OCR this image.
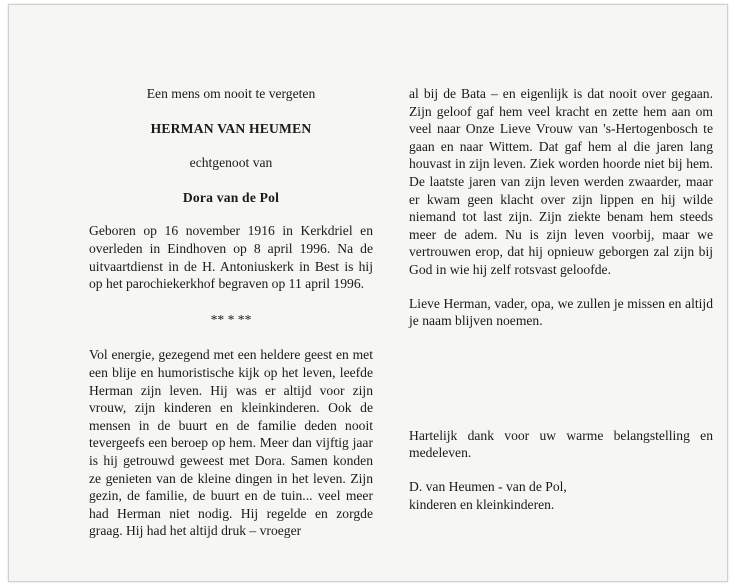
Een mens om nooit te vergeten

HERMAN VAN HEUMEN

echtgenoot van

Dora van de Pol

Geboren op 16 november 1916 in Kerkdriel en overleden in Eindhoven op 8 april 1996. Na de uitvaartdienst in de H. Antoniuskerk in Best is hij op het parochiekerkhof begraven op 11 april 1996.

** * **

Vol energie, gezegend met een heldere geest en met een blije en humoristische kijk op het leven, leefde Herman zijn leven. Hij was er altijd voor zijn vrouw, zijn kinderen en kleinkinderen. Ook de mensen in de buurt en de familie deden nooit tevergeefs een beroep op hem. Meer dan vijftig jaar is hij getrouwd geweest met Dora. Samen konden ze genieten van de kleine dingen in het leven. Zijn gezin, de familie, de buurt en de tuin... veel meer had Herman niet nodig. Hij regelde en zorgde graag. Hij had het altijd druk – vroeger

al bij de Bata – en eigenlijk is dat nooit over gegaan. Zijn geloof gaf hem veel kracht en zette hem aan om veel naar Onze Lieve Vrouw van 's-Hertogenbosch te gaan en naar Wittem. Dat gaf hem al die jaren lang houvast in zijn leven. Ziek worden hoorde niet bij hem. De laatste jaren van zijn leven werden zwaarder, maar er kwam geen klacht over zijn lippen en hij wilde niemand tot last zijn. Zijn ziekte benam hem steeds meer de adem. Nu is zijn leven voorbij, maar we vertrouwen erop, dat hij opnieuw geborgen zal zijn bij God in wie hij zelf rotsvast geloofde.

Lieve Herman, vader, opa, we zullen je missen en altijd je naam blijven noemen.

Hartelijk dank voor uw warme belangstelling en medeleven.

D. van Heumen - van de Pol,

kinderen en kleinkinderen.
